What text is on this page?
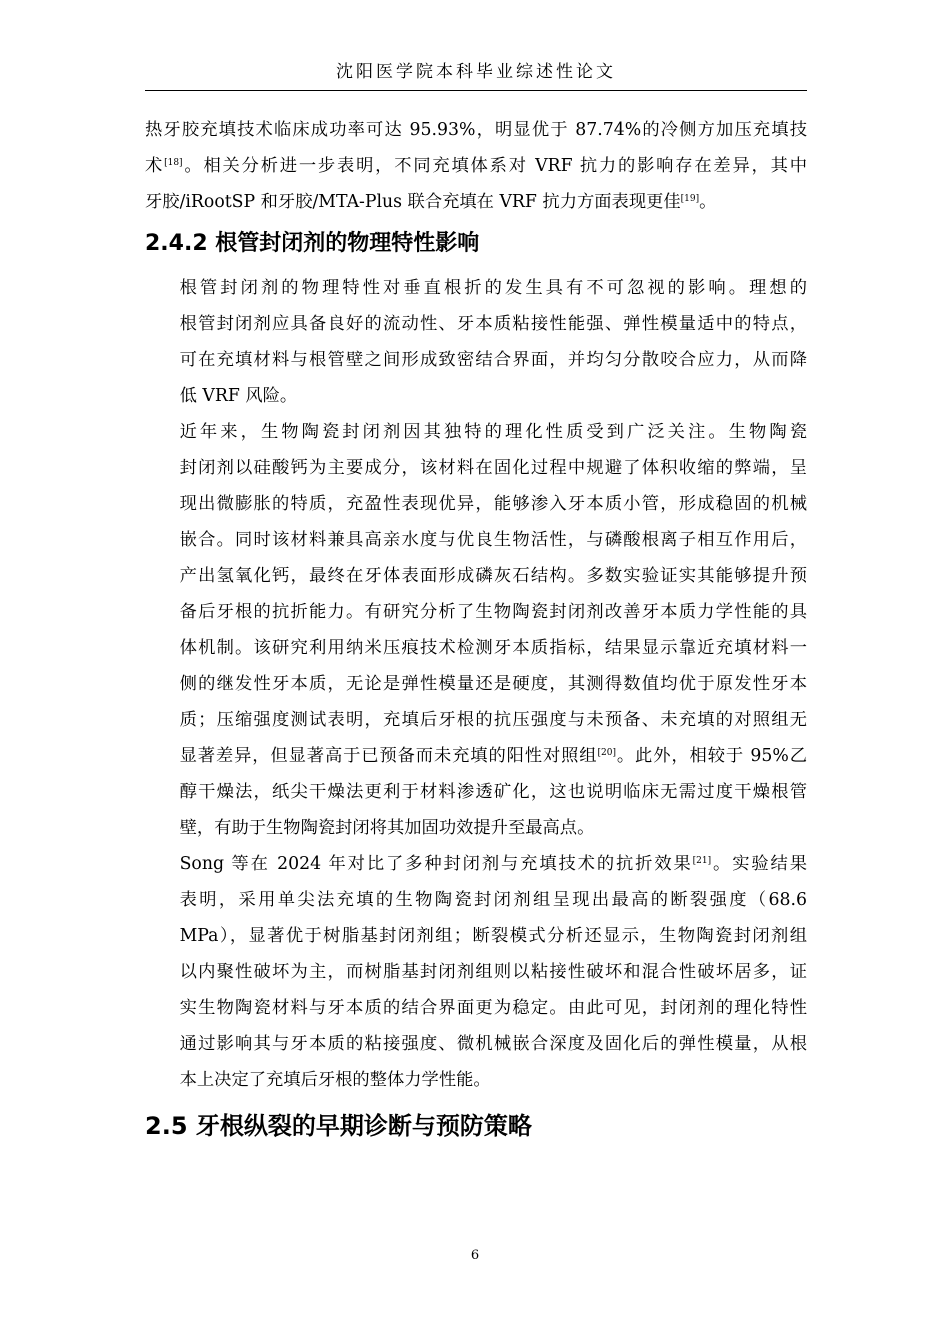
沈阳医学院本科毕业综述性论文

热牙胶充填技术临床成功率可达 95.93%，明显优于 87.74%的冷侧方加压充填技
术[18]。相关分析进一步表明，不同充填体系对 VRF 抗力的影响存在差异，其中
牙胶/iRootSP 和牙胶/MTA-Plus 联合充填在 VRF 抗力方面表现更佳[19]。

2.4.2 根管封闭剂的物理特性影响

根管封闭剂的物理特性对垂直根折的发生具有不可忽视的影响。理想的
根管封闭剂应具备良好的流动性、牙本质粘接性能强、弹性模量适中的特点，
可在充填材料与根管壁之间形成致密结合界面，并均匀分散咬合应力，从而降
低 VRF 风险。

近年来，生物陶瓷封闭剂因其独特的理化性质受到广泛关注。生物陶瓷
封闭剂以硅酸钙为主要成分，该材料在固化过程中规避了体积收缩的弊端，呈
现出微膨胀的特质，充盈性表现优异，能够渗入牙本质小管，形成稳固的机械
嵌合。同时该材料兼具高亲水度与优良生物活性，与磷酸根离子相互作用后，
产出氢氧化钙，最终在牙体表面形成磷灰石结构。多数实验证实其能够提升预
备后牙根的抗折能力。有研究分析了生物陶瓷封闭剂改善牙本质力学性能的具
体机制。该研究利用纳米压痕技术检测牙本质指标，结果显示靠近充填材料一
侧的继发性牙本质，无论是弹性模量还是硬度，其测得数值均优于原发性牙本
质；压缩强度测试表明，充填后牙根的抗压强度与未预备、未充填的对照组无
显著差异，但显著高于已预备而未充填的阳性对照组[20]。此外，相较于 95%乙
醇干燥法，纸尖干燥法更利于材料渗透矿化，这也说明临床无需过度干燥根管
壁，有助于生物陶瓷封闭将其加固功效提升至最高点。

Song 等在 2024 年对比了多种封闭剂与充填技术的抗折效果[21]。实验结果
表明，采用单尖法充填的生物陶瓷封闭剂组呈现出最高的断裂强度（68.6
MPa），显著优于树脂基封闭剂组；断裂模式分析还显示，生物陶瓷封闭剂组
以内聚性破坏为主，而树脂基封闭剂组则以粘接性破坏和混合性破坏居多，证
实生物陶瓷材料与牙本质的结合界面更为稳定。由此可见，封闭剂的理化特性
通过影响其与牙本质的粘接强度、微机械嵌合深度及固化后的弹性模量，从根
本上决定了充填后牙根的整体力学性能。

2.5 牙根纵裂的早期诊断与预防策略
6
